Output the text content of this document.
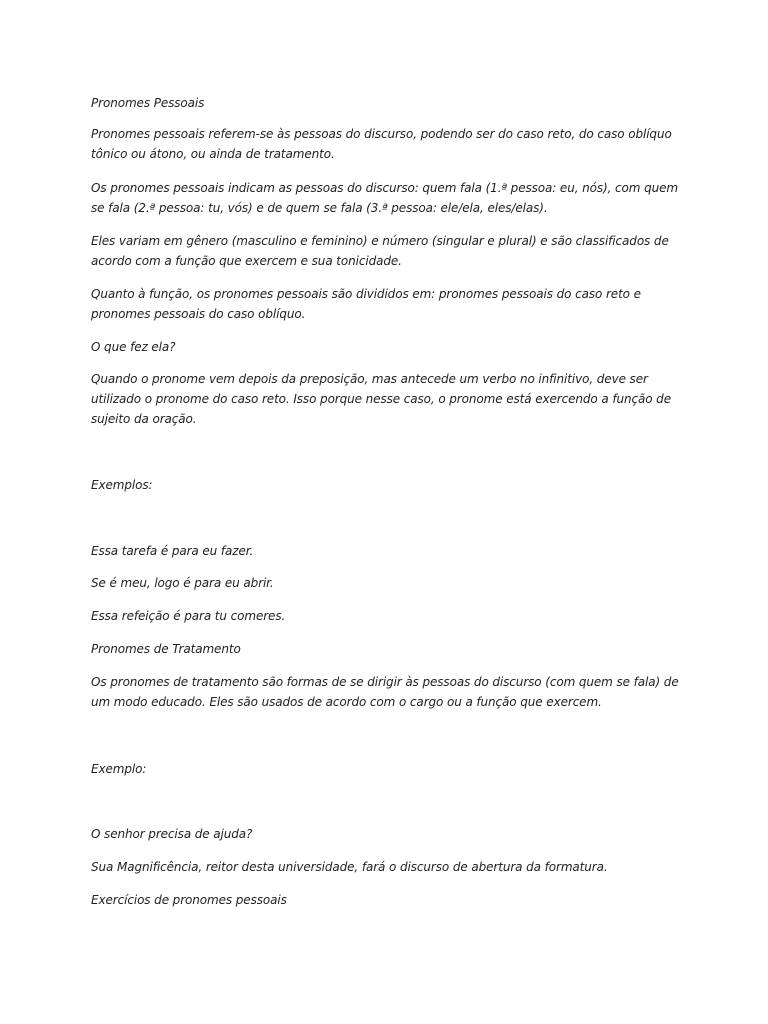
Pronomes Pessoais

Pronomes pessoais referem-se às pessoas do discurso, podendo ser do caso reto, do caso oblíquo tônico ou átono, ou ainda de tratamento.

Os pronomes pessoais indicam as pessoas do discurso: quem fala (1.ª pessoa: eu, nós), com quem se fala (2.ª pessoa: tu, vós) e de quem se fala (3.ª pessoa: ele/ela, eles/elas).

Eles variam em gênero (masculino e feminino) e número (singular e plural) e são classificados de acordo com a função que exercem e sua tonicidade.

Quanto à função, os pronomes pessoais são divididos em: pronomes pessoais do caso reto e pronomes pessoais do caso oblíquo.

O que fez ela?

Quando o pronome vem depois da preposição, mas antecede um verbo no infinitivo, deve ser utilizado o pronome do caso reto. Isso porque nesse caso, o pronome está exercendo a função de sujeito da oração.

Exemplos:

Essa tarefa é para eu fazer.

Se é meu, logo é para eu abrir.

Essa refeição é para tu comeres.

Pronomes de Tratamento

Os pronomes de tratamento são formas de se dirigir às pessoas do discurso (com quem se fala) de um modo educado. Eles são usados de acordo com o cargo ou a função que exercem.

Exemplo:

O senhor precisa de ajuda?

Sua Magnificência, reitor desta universidade, fará o discurso de abertura da formatura.

Exercícios de pronomes pessoais
